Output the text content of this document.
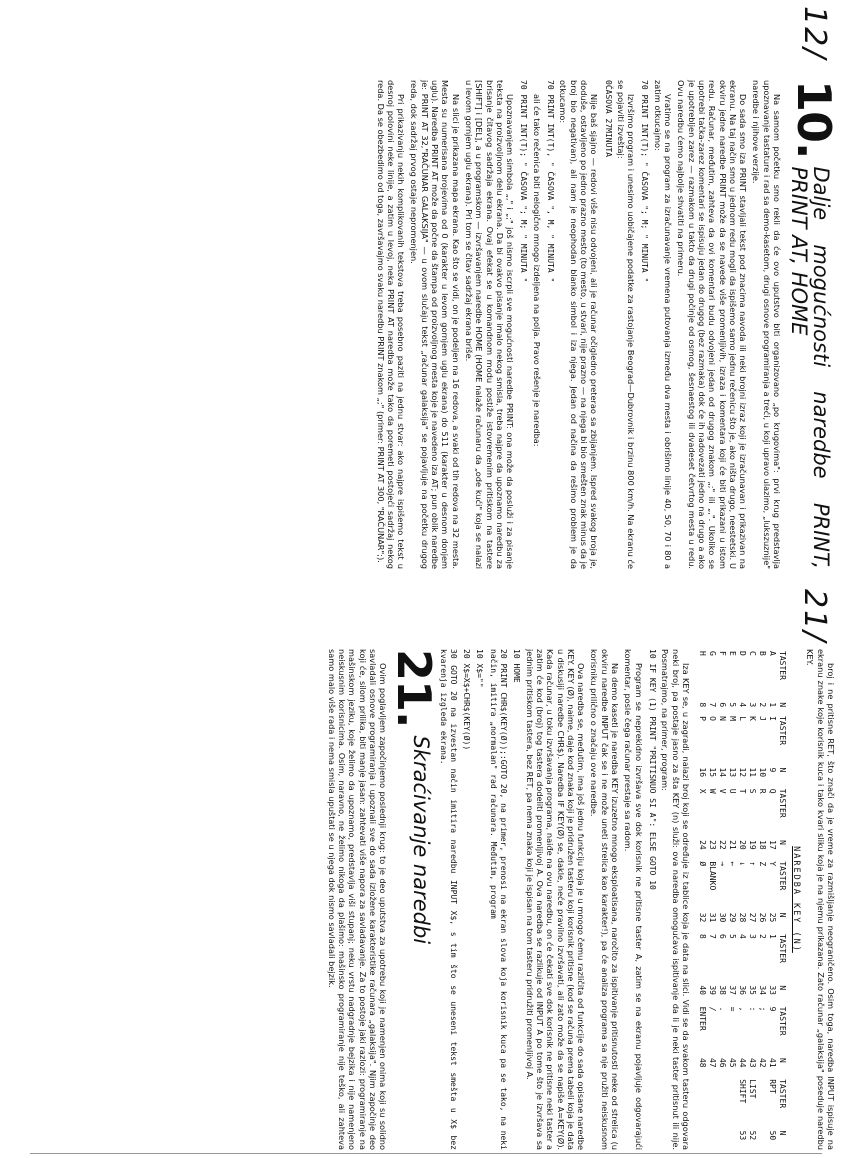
12/
10.
Dalje mogućnosti naredbe PRINT, PRINT AT, HOME

Na samom početku smo rekli da će ovo uputstvo biti organizovano „po krugovima": prvi krug predstavlja upoznavanje tastature i rad sa demo-kasetom, drugi osnove programiranja a treći, u koji upravo ulazimo, „lukszuznije" naredbe i njihove verzije.

Do sada smo iza PRINT stavljali tekst pod znacima navoda ili neki brojni izraz koji je izračunavan i prikazivan na ekranu. Na taj način smo u jednom redu mogli da ispišemo samo jednu rečenicu što je, ako ništa drugo, neestetski. U okviru jedne naredbe PRINT može da se navede više promenljivih, izraza i komentara koji će biti prikazani u istom redu. Računar, međutim, zahteva da ovi komentari budu odvojeni jedan od drugog znakom „;" ili „,". Ukoliko se upotrebi tačka-zarez komentari se ispisuju jedan do drugog (bez razmaka) dok će ih nadovezati jedno na drugo a ako je upotrebljen zarez — razmakom u takto da drugi počinje od osmog, šesnaestog ili dvadeset četvrtog mesta u redu. Ovu naredbu ćemo najbolje shvatiti na primeru.

Vratimo se na program za izračunavanje vremena putovanja između dva mesta i obrišimo linije 40, 50, 70 i 80 a zatim otkucajmo:

70 PRINT INT(T); " ČASOVA "; M; " MINUTA "

Izvršimo program i unesimo uobičajene podatke za rastojanje Beograd—Dubrovnik i brzinu 800 km/h. Na ekranu će se pojaviti izveštaj:

0ČASOVA 27MINUTA

Nije baš sjajno — redovi više nisu odvojeni, ali je računar očigledno preterao sa zbijanjem. Ispred svakog broja je, doduše, ostavljeno po jedno prazno mesto (to mesto, u stvari, nije prazno — na njega bi bio smešten znak minus da je broj bio negativan), ali nam je neophodan blanko simbol i iza njega. Jedan od načina da rešimo problem je da otkucamo:

70 PRINT INT(T), " ČASOVA ", M, " MINUTA "

ali će tako rečenica biti nelogično mnogo izdeljena na polja. Pravo rešenje je naredba:

70 PRINT INT(T); " ČASOVA "; M; " MINUTA "

Upoznavanjem simbola „," i „;" još nismo iscrpli sve mogućnosti naredbe PRINT: ona može da posluži i za pisanje teksta na proizvoljnom delu ekrana. Da bi ovakvo pisanje imalo nekog smisla, treba najpre da upoznamo naredbu za brisanje čitavog sadržaja ekrana. Ovaj efekat se u komandnom modu postiže istovremenim pritiskom na tastere [SHIFT] i [DEL], a u programskom — izvršavanjem naredbe HOME (HOME nalaže računaru da „ode kući" koja se nalazi u levom gornjem uglu ekrana). Pri tom se čitav sadržaj ekrana briše.

Na slici je prikazana mapa ekrana. Kao što se vidi, on je podeljen na 16 redova, a svaki od tih redova na 32 mesta. Mesta su numerisana brojevima od 0 (karakter u levom gornjem uglu ekrana) do 511 (karakter u desnom donjem uglu). Naredba PRINT AT može da počne da štampa od proizvoljnog mesta koje je navedeno iza AT; pun oblik naredbe je: PRINT AT 32,"RAČUNAR GALAKSIJA" — u ovom slučaju tekst „računar galaksija" se pojavljuje na početku drugog reda, dok sadržaj prvog ostaje nepromenjen.

Pri prikazivanju nekih komplikovanih tekstova treba posebno paziti na jednu stvar: ako najpre ispišemo tekst u desnoj polovini neke linije, a zatim u levoj, neka PRINT AT naredba može tako da poremeti postojeći sadržaj nekog reda. Da se obezbedimo od toga, završavajmo svaku naredbu PRINT znakom „;" (primer: PRINT AT 300, "RAČUNAR";).

21/

broj i ne pritisne RET, što znači da je vreme za razmišljanje neograničeno. Osim toga, naredba INPUT ispisuje na ekranu znake koje korisnik kuca i tako kvari sliku koja je na njemu prikazana. Zato računar „galaksija" poseduje naredbu KEY.

NAREDBA KEY (N)
TASTER	N	TASTER	N	TASTER	N	TASTER	N	TASTER	N	TASTER	N	TASTER	N
A	1	I	9	Q	17	Y	25	1	33	9	41	RPT	50
B	2	J	10	R	18	Z	26	2	34	;	42		
C	3	K	11	S	19	↑	27	3	35	:	43	LIST	52
D	4	L	12	T	20	↓	28	4	36	,	44	SHIFT	53
E	5	M	13	U	21	←	29	5	37	=	45		
F	6	N	14	V	22	→	30	6	38	.	46		
G	7	O	15	W	23	BLANKO	31	7	39	/	47		
H	8	P	16	X	24	Ø	32	8	40	ENTER	48		

Iza KEY se, u zagradi, nalazi broj koji se određuje iz tablice koja je data na slici. Vidi se da svakom tasteru odgovara neki broj, pa postaje jasno za šta KEY (n) služi: ova naredba omogućava ispitivanje da li je neki taster pritisnut ili nije. Posmatrajmo, na primer, program:

10 IF KEY (1) PRINT "PRITISNUO SI A": ELSE GOTO 10

Program se neprekidno izvršava sve dok korisnik ne pritisne taster A, zatim se na ekranu pojavljuje odgovarajući komentar, posle čega računar prestaje sa radom.

Na demo kaseti je naredba KEY izuzetno mnogo eksploatisana, naročito za ispitivanje pritisnutosti neke od strelica (u okviru naredbe INPUT čak se i ne može uneti strelica kao karakter!), pa će analiza programa sa nje pružiti neiskusnom korisniku prilično o značaju ove naredbe.

Ova naredba se, međutim, ima još jednu funkciju koja je u mnogo čemu različita od funkcije do sada opisane naredbe KEY. KEY (Ø), naime, daje kod znaka koji je pridružen tasteru koji korisnik pritisne (kod se računa prema tabeli koja je data u diskusiji naredbe CHR$). Naredba IF KEY(Ø) se, dakle, neće pravilno izvršavati, ali zato može da se napiše A=KEY(Ø). Kada računar, u toku izvršavanja programa, naiđe na ovu naredbu, on će čekati sve dok korisnik ne pritisne neki taster a zatim će kod (broj) tog tastera dodeliti promenljivoj A. Ova naredba se razlikuje od INPUT A po tome što je izvršava sa jednim pritiskom tastera, bez RET, pa nema znaka koji je ispisan na tom tasteru pridružiti promenljivoj A.

10 HOME

20 PRINT CHR$(KEY(Ø));:GOTO 20, na primer, prenosi na ekran slova koja korisnik kuca pa se tako, na neki način, imitira „normalan" rad računara. Međutim, program

10 X$=""

20 X$=X$+CHR$(KEY(Ø))

30 GOTO 20 na izvestan način imitira naredbu INPUT X$, s tim što se uneseni tekst smešta u X$ bez kvarenja izgleda ekrana.

21.
Skraćivanje naredbi

Ovim poglavljem započinjemo poslednji krug: to je deo uputstva za upotrebu koji je namenjen onima koji su solidno savladali osnove programiranja i upoznali sve do sada izložene karakteristike računara „galaksija". Njim započinje deo koji će, silom prilika, biti manje jasan: zahtevati više napora za savladavanje. Za to postoje jaki razlozi: programiranje na mašinskom jeziku, koje želimo da upoznamo, predstavlja viši stupanj; neku vrstu nadgradnje bejzika i nije namenjeno neiskusnim korisnicima. Osim, naravno, ne želimo nikoga da plašimo: mašinsko programiranje nije teško, ali zahteva samo malo više rada i nema smisla upuštati se u njega dok nismo savladali bejzik.
